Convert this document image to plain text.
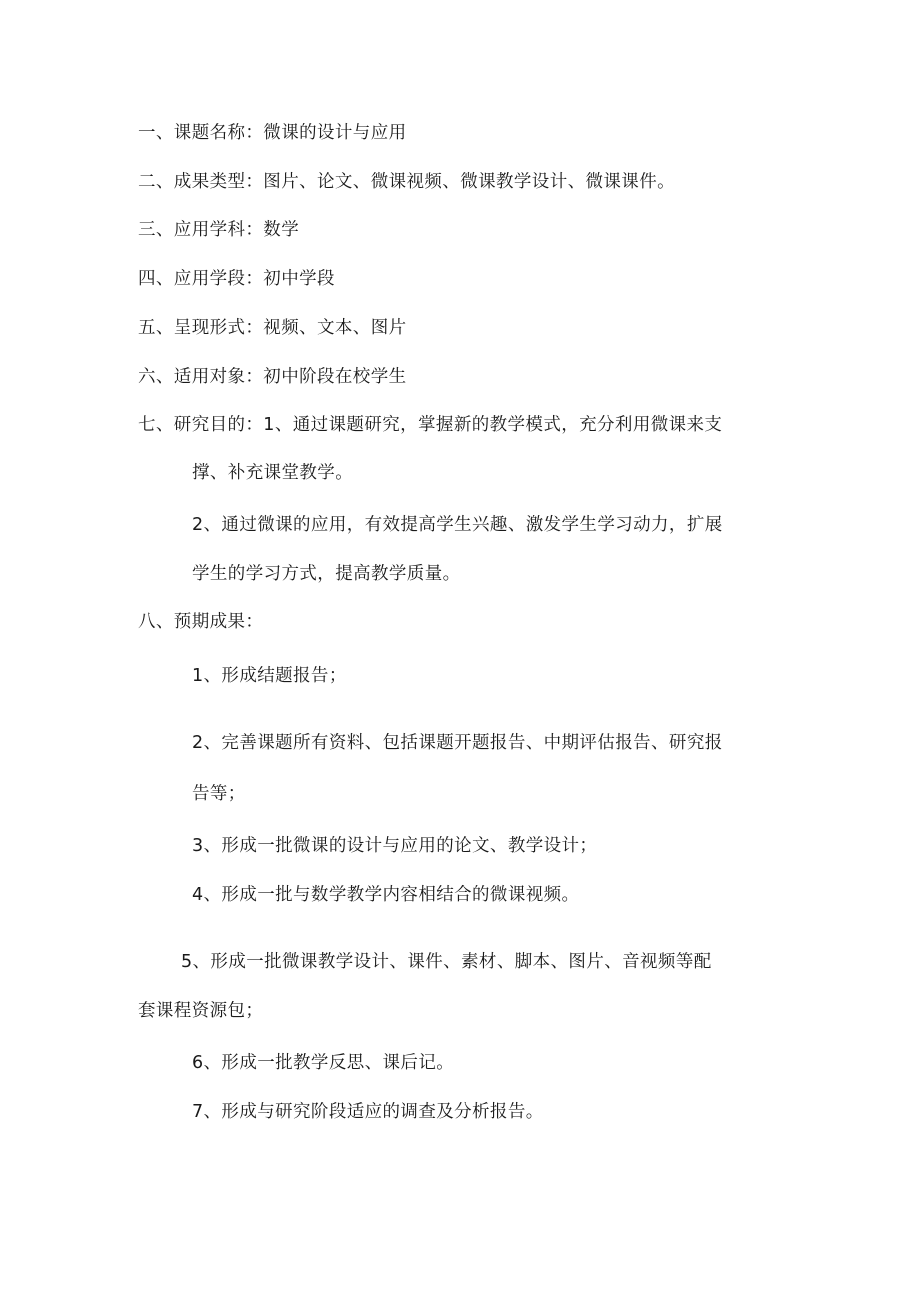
一、课题名称：微课的设计与应用
二、成果类型：图片、论文、微课视频、微课教学设计、微课课件。
三、应用学科：数学
四、应用学段：初中学段
五、呈现形式：视频、文本、图片
六、适用对象：初中阶段在校学生
七、研究目的：1、通过课题研究，掌握新的教学模式，充分利用微课来支
撑、补充课堂教学。
2、通过微课的应用，有效提高学生兴趣、激发学生学习动力，扩展
学生的学习方式，提高教学质量。
八、预期成果：
1、形成结题报告；
2、完善课题所有资料、包括课题开题报告、中期评估报告、研究报
告等；
3、形成一批微课的设计与应用的论文、教学设计；
4、形成一批与数学教学内容相结合的微课视频。
5、形成一批微课教学设计、课件、素材、脚本、图片、音视频等配
套课程资源包；
6、形成一批教学反思、课后记。
7、形成与研究阶段适应的调查及分析报告。
